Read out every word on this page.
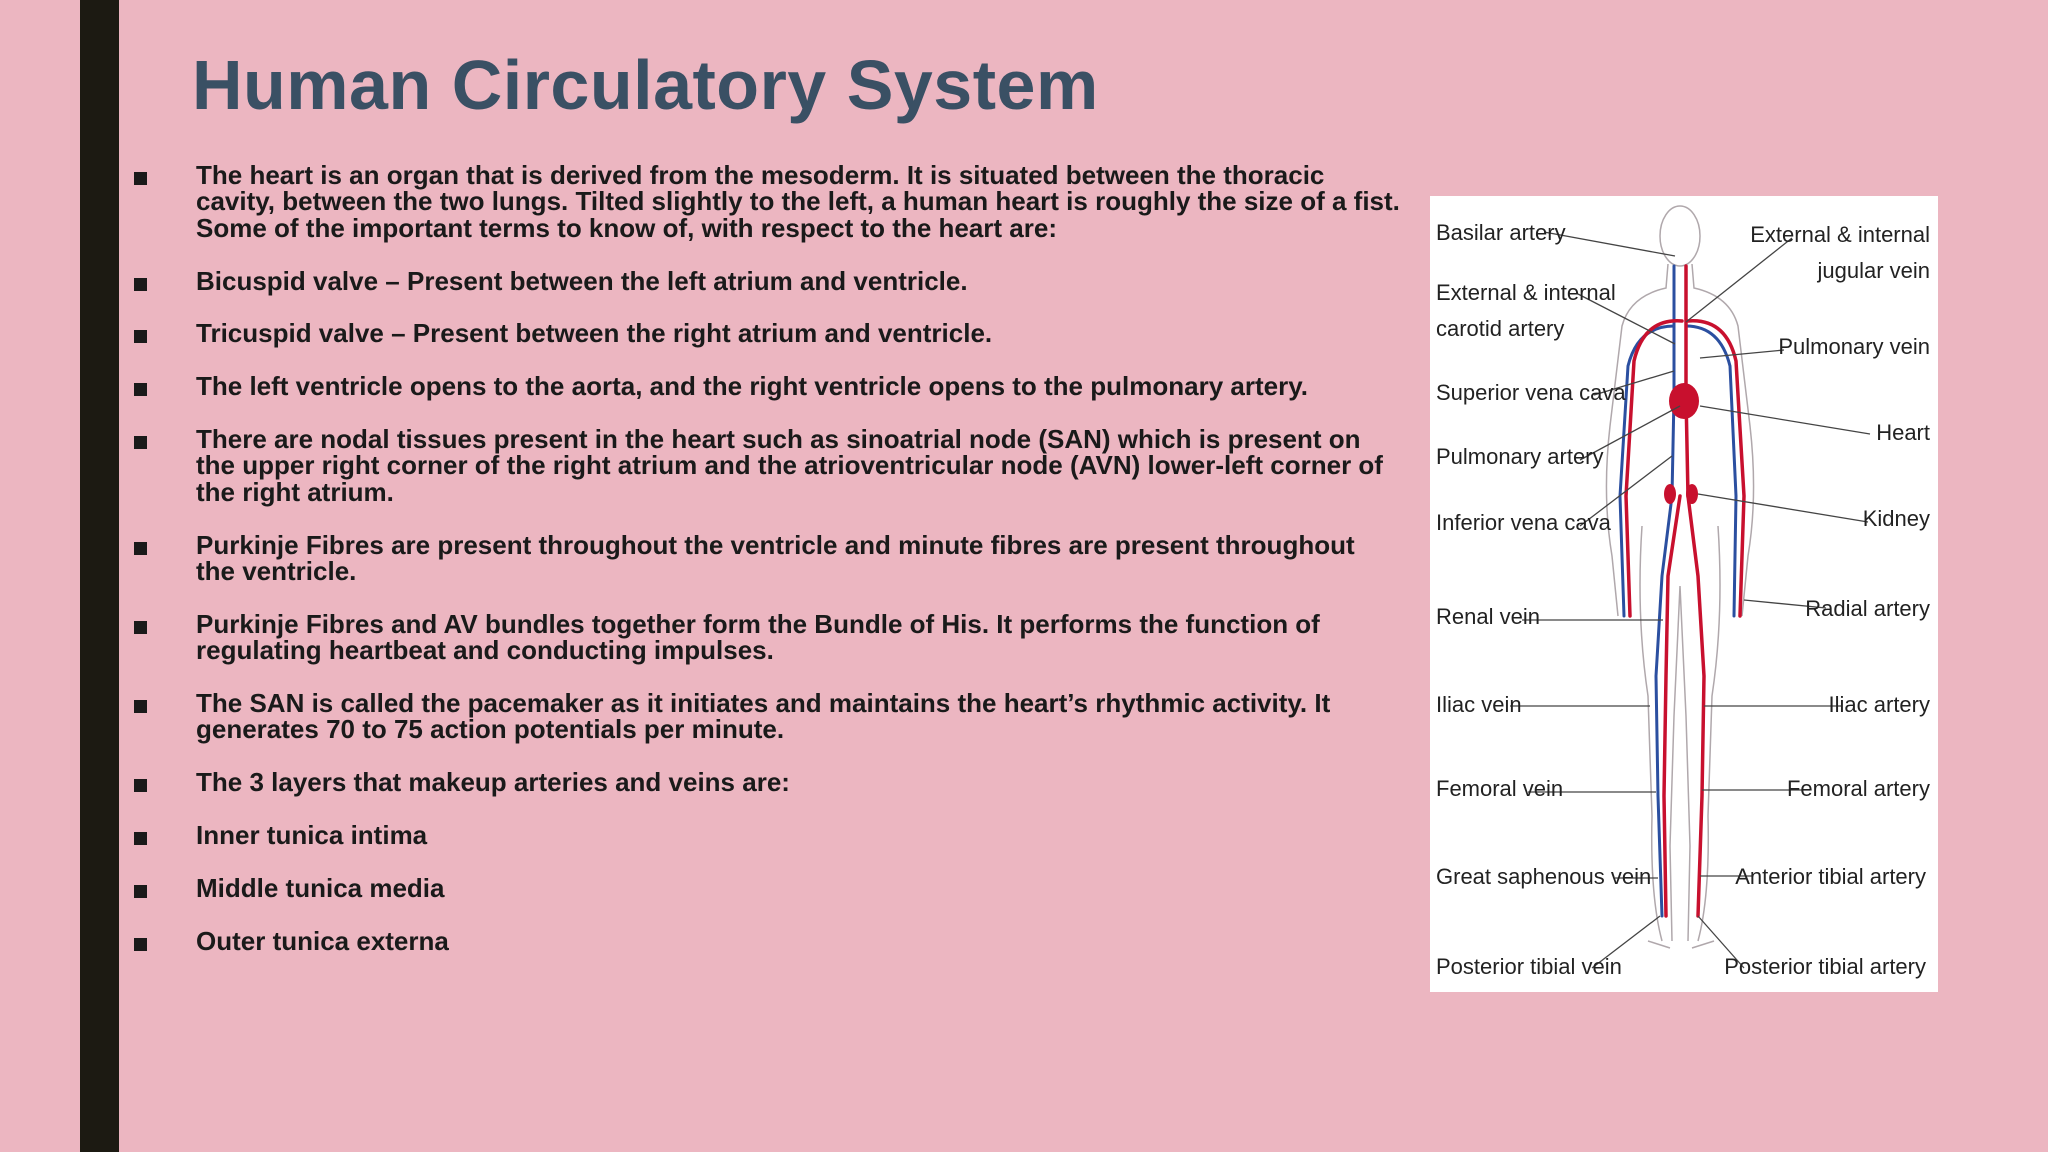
Human Circulatory System
The heart is an organ that is derived from the mesoderm. It is situated between the thoracic cavity, between the two lungs. Tilted slightly to the left, a human heart is roughly the size of a fist. Some of the important terms to know of, with respect to the heart are:
Bicuspid valve – Present between the left atrium and ventricle.
Tricuspid valve – Present between the right atrium and ventricle.
The left ventricle opens to the aorta, and the right ventricle opens to the pulmonary artery.
There are nodal tissues present in the heart such as sinoatrial node (SAN) which is present on the upper right corner of the right atrium and the atrioventricular node (AVN) lower-left corner of the right atrium.
Purkinje Fibres are present throughout the ventricle and minute fibres are present throughout the ventricle.
Purkinje Fibres and AV bundles together form the Bundle of His. It performs the function of regulating heartbeat and conducting impulses.
The SAN is called the pacemaker as it initiates and maintains the heart’s rhythmic activity. It generates 70 to 75 action potentials per minute.
The 3 layers that makeup arteries and veins are:
Inner tunica intima
Middle tunica media
Outer tunica externa
Basilar artery
External & internal
carotid artery
Superior vena cava
Pulmonary artery
Inferior vena cava
Renal vein
Iliac vein
Femoral vein
Great saphenous vein
Posterior tibial vein
External & internal
jugular vein
Pulmonary vein
Heart
Kidney
Radial artery
Iliac artery
Femoral artery
Anterior tibial artery
Posterior tibial artery
